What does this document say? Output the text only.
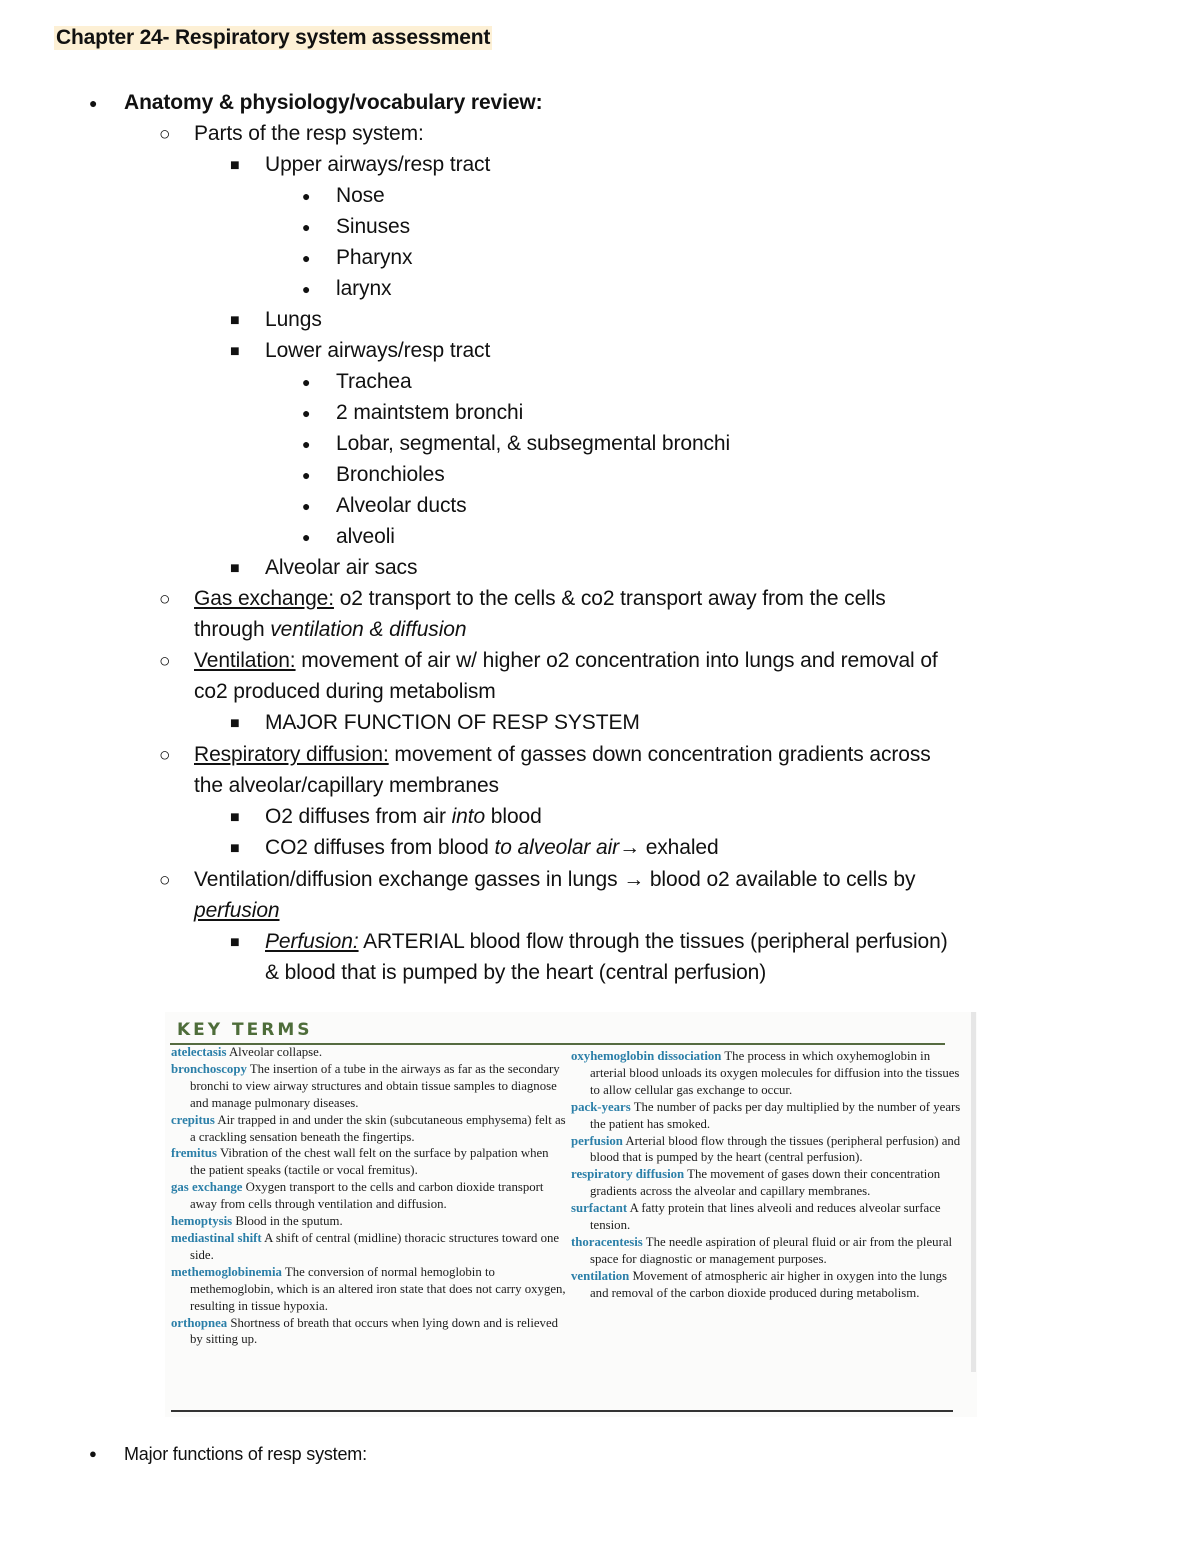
Chapter 24- Respiratory system assessment
● Anatomy & physiology/vocabulary review:
○ Parts of the resp system:
■ Upper airways/resp tract
● Nose
● Sinuses
● Pharynx
● larynx
■ Lungs
■ Lower airways/resp tract
● Trachea
● 2 maintstem bronchi
● Lobar, segmental, & subsegmental bronchi
● Bronchioles
● Alveolar ducts
● alveoli
■ Alveolar air sacs
○ Gas exchange: o2 transport to the cells & co2 transport away from the cells
through ventilation & diffusion
○ Ventilation: movement of air w/ higher o2 concentration into lungs and removal of
co2 produced during metabolism
■ MAJOR FUNCTION OF RESP SYSTEM
○ Respiratory diffusion: movement of gasses down concentration gradients across
the alveolar/capillary membranes
■ O2 diffuses from air into blood
■ CO2 diffuses from blood to alveolar air→ exhaled
○ Ventilation/diffusion exchange gasses in lungs → blood o2 available to cells by
perfusion
■ Perfusion: ARTERIAL blood flow through the tissues (peripheral perfusion)
& blood that is pumped by the heart (central perfusion)
KEY TERMS

atelectasis Alveolar collapse.

bronchoscopy The insertion of a tube in the airways as far as the secondary bronchi to view airway structures and obtain tissue samples to diagnose and manage pulmonary diseases.

crepitus Air trapped in and under the skin (subcutaneous emphysema) felt as a crackling sensation beneath the fingertips.

fremitus Vibration of the chest wall felt on the surface by palpation when the patient speaks (tactile or vocal fremitus).

gas exchange Oxygen transport to the cells and carbon dioxide transport away from cells through ventilation and diffusion.

hemoptysis Blood in the sputum.

mediastinal shift A shift of central (midline) thoracic structures toward one side.

methemoglobinemia The conversion of normal hemoglobin to methemoglobin, which is an altered iron state that does not carry oxygen, resulting in tissue hypoxia.

orthopnea Shortness of breath that occurs when lying down and is relieved by sitting up.

oxyhemoglobin dissociation The process in which oxyhemoglobin in arterial blood unloads its oxygen molecules for diffusion into the tissues to allow cellular gas exchange to occur.

pack-years The number of packs per day multiplied by the number of years the patient has smoked.

perfusion Arterial blood flow through the tissues (peripheral perfusion) and blood that is pumped by the heart (central perfusion).

respiratory diffusion The movement of gases down their concentration gradients across the alveolar and capillary membranes.

surfactant A fatty protein that lines alveoli and reduces alveolar surface tension.

thoracentesis The needle aspiration of pleural fluid or air from the pleural space for diagnostic or management purposes.

ventilation Movement of atmospheric air higher in oxygen into the lungs and removal of the carbon dioxide produced during metabolism.

● Major functions of resp system:
